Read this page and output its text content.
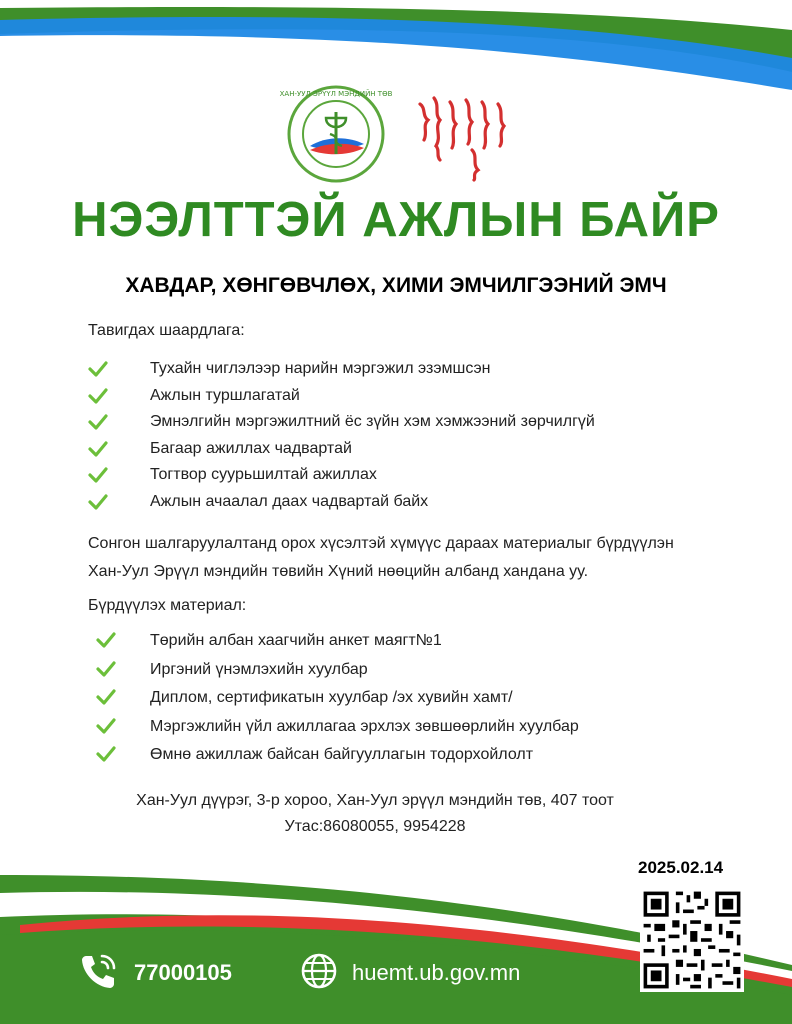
ХАН-УУЛ ЭРҮҮЛ МЭНДИЙН ТӨВ
НЭЭЛТТЭЙ АЖЛЫН БАЙР
ХАВДАР, ХӨНГӨВЧЛӨХ, ХИМИ ЭМЧИЛГЭЭНИЙ ЭМЧ
Тавигдах шаардлага:
Тухайн чиглэлээр нарийн мэргэжил эзэмшсэн
Ажлын туршлагатай
Эмнэлгийн мэргэжилтний ёс зүйн хэм хэмжээний зөрчилгүй
Багаар ажиллах чадвартай
Тогтвор суурьшилтай ажиллах
Ажлын ачаалал даах чадвартай байх
Сонгон шалгаруулалтанд орох хүсэлтэй хүмүүс дараах материалыг бүрдүүлэн
Хан-Уул Эрүүл мэндийн төвийн Хүний нөөцийн албанд хандана уу.
Бүрдүүлэх материал:
Төрийн албан хаагчийн анкет маягт№1
Иргэний үнэмлэхийн хуулбар
Диплом, сертификатын хуулбар /эх хувийн хамт/
Мэргэжлийн үйл ажиллагаа эрхлэх зөвшөөрлийн хуулбар
Өмнө ажиллаж байсан байгууллагын тодорхойлолт
Хан-Уул дүүрэг, 3-р хороо, Хан-Уул эрүүл мэндийн төв, 407 тоот
Утас:86080055, 9954228
2025.02.14
77000105	huemt.ub.gov.mn
